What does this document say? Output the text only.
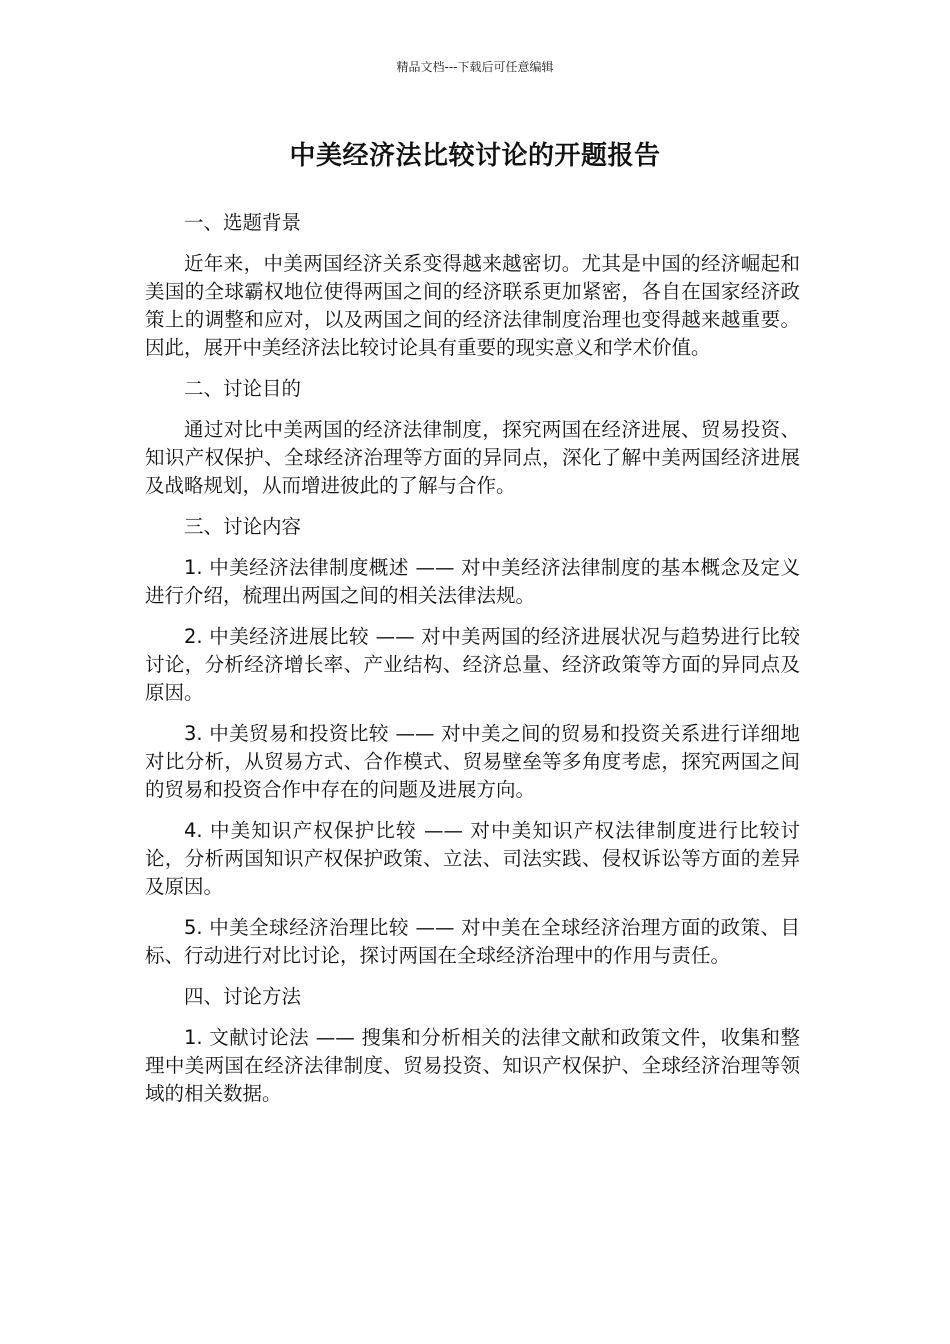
精品文档---下载后可任意编辑
中美经济法比较讨论的开题报告
一、选题背景
近年来，中美两国经济关系变得越来越密切。尤其是中国的经济崛起和美国的全球霸权地位使得两国之间的经济联系更加紧密，各自在国家经济政策上的调整和应对，以及两国之间的经济法律制度治理也变得越来越重要。因此，展开中美经济法比较讨论具有重要的现实意义和学术价值。
二、讨论目的
通过对比中美两国的经济法律制度，探究两国在经济进展、贸易投资、知识产权保护、全球经济治理等方面的异同点，深化了解中美两国经济进展及战略规划，从而增进彼此的了解与合作。
三、讨论内容
1. 中美经济法律制度概述 —— 对中美经济法律制度的基本概念及定义进行介绍，梳理出两国之间的相关法律法规。
2. 中美经济进展比较 —— 对中美两国的经济进展状况与趋势进行比较讨论，分析经济增长率、产业结构、经济总量、经济政策等方面的异同点及原因。
3. 中美贸易和投资比较 —— 对中美之间的贸易和投资关系进行详细地对比分析，从贸易方式、合作模式、贸易壁垒等多角度考虑，探究两国之间的贸易和投资合作中存在的问题及进展方向。
4. 中美知识产权保护比较 —— 对中美知识产权法律制度进行比较讨论，分析两国知识产权保护政策、立法、司法实践、侵权诉讼等方面的差异及原因。
5. 中美全球经济治理比较 —— 对中美在全球经济治理方面的政策、目标、行动进行对比讨论，探讨两国在全球经济治理中的作用与责任。
四、讨论方法
1. 文献讨论法 —— 搜集和分析相关的法律文献和政策文件，收集和整理中美两国在经济法律制度、贸易投资、知识产权保护、全球经济治理等领域的相关数据。
